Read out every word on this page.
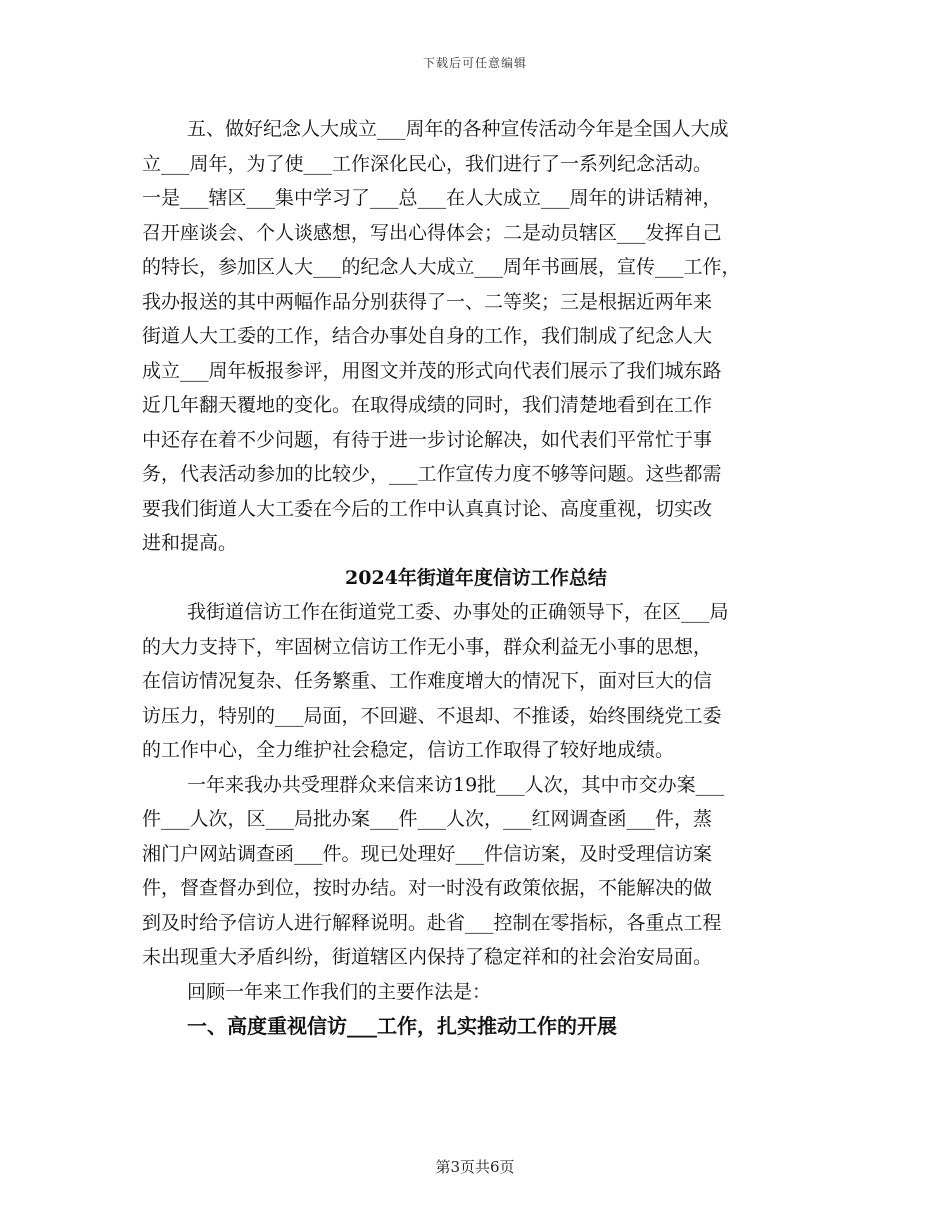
下载后可任意编辑
五、做好纪念人大成立___周年的各种宣传活动今年是全国人大成
立___周年，为了使___工作深化民心，我们进行了一系列纪念活动。
一是___辖区___集中学习了___总___在人大成立___周年的讲话精神，
召开座谈会、个人谈感想，写出心得体会；二是动员辖区___发挥自己
的特长，参加区人大___的纪念人大成立___周年书画展，宣传___工作，
我办报送的其中两幅作品分别获得了一、二等奖；三是根据近两年来
街道人大工委的工作，结合办事处自身的工作，我们制成了纪念人大
成立___周年板报参评，用图文并茂的形式向代表们展示了我们城东路
近几年翻天覆地的变化。在取得成绩的同时，我们清楚地看到在工作
中还存在着不少问题，有待于进一步讨论解决，如代表们平常忙于事
务，代表活动参加的比较少，___工作宣传力度不够等问题。这些都需
要我们街道人大工委在今后的工作中认真真讨论、高度重视，切实改
进和提高。
2024年街道年度信访工作总结
我街道信访工作在街道党工委、办事处的正确领导下，在区___局
的大力支持下，牢固树立信访工作无小事，群众利益无小事的思想，
在信访情况复杂、任务繁重、工作难度增大的情况下，面对巨大的信
访压力，特别的___局面，不回避、不退却、不推诿，始终围绕党工委
的工作中心，全力维护社会稳定，信访工作取得了较好地成绩。
一年来我办共受理群众来信来访19批___人次，其中市交办案___
件___人次，区___局批办案___件___人次，___红网调查函___件，蒸
湘门户网站调查函___件。现已处理好___件信访案，及时受理信访案
件，督查督办到位，按时办结。对一时没有政策依据，不能解决的做
到及时给予信访人进行解释说明。赴省___控制在零指标，各重点工程
未出现重大矛盾纠纷，街道辖区内保持了稳定祥和的社会治安局面。
回顾一年来工作我们的主要作法是：
一、高度重视信访___工作，扎实推动工作的开展
第3页共6页
